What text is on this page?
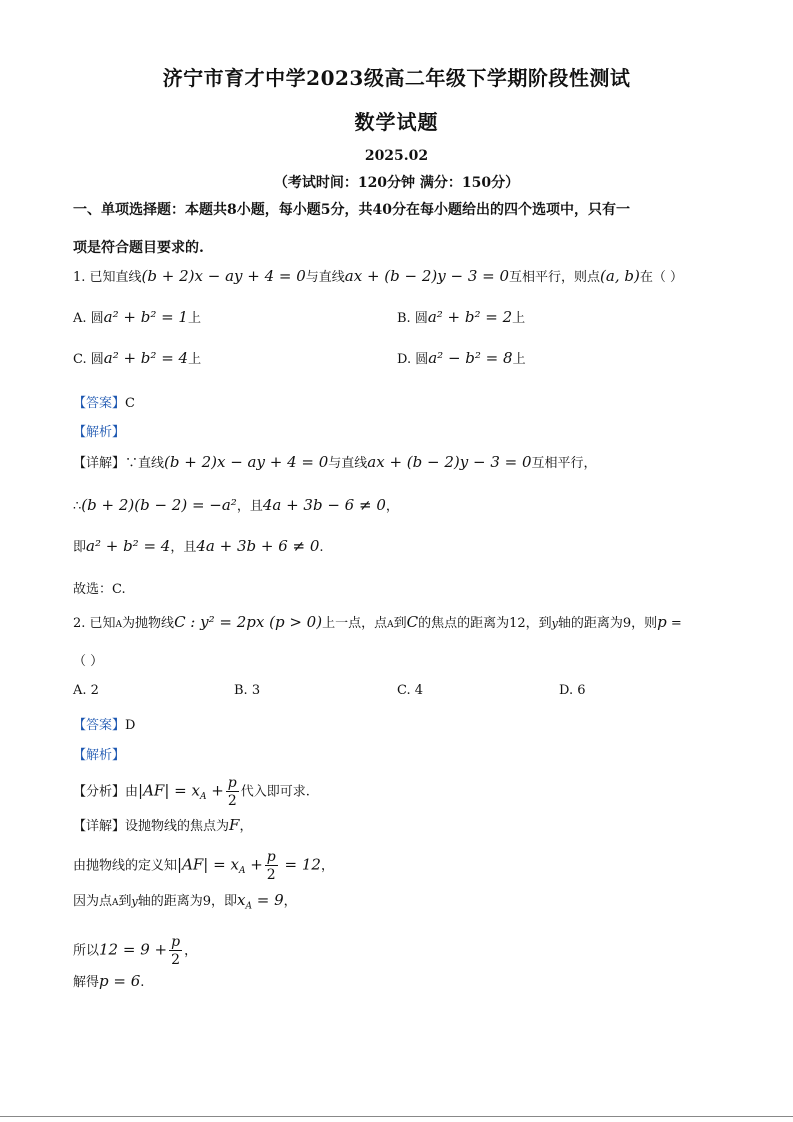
济宁市育才中学2023级高二年级下学期阶段性测试
数学试题
2025.02
（考试时间：120分钟 满分：150分）
一、单项选择题：本题共8小题，每小题5分，共40分在每小题给出的四个选项中，只有一
项是符合题目要求的.
1. 已知直线(b + 2)x − ay + 4 = 0与直线ax + (b − 2)y − 3 = 0互相平行，则点(a, b)在（ ）
A. 圆a² + b² = 1上	B. 圆a² + b² = 2上
C. 圆a² + b² = 4上	D. 圆a² − b² = 8上
【答案】C
【解析】
【详解】∵直线(b + 2)x − ay + 4 = 0与直线ax + (b − 2)y − 3 = 0互相平行，
∴(b + 2)(b − 2) = −a²，且4a + 3b − 6 ≠ 0，
即a² + b² = 4，且4a + 3b + 6 ≠ 0.
故选：C.
2. 已知A为抛物线C : y² = 2px (p > 0)上一点，点A到C的焦点的距离为12，到y轴的距离为9，则p =
（ ）
A. 2	B. 3	C. 4	D. 6
【答案】D
【解析】
【分析】由$|AF| = x_A + \frac{p}{2}$ 代入即可求.
【详解】设抛物线的焦点为F，
由抛物线的定义知$|AF| = x_A + \frac{p}{2} = 12$，
因为点A到y轴的距离为9，即$x_A = 9$，
所以$12 = 9 + \frac{p}{2}$ ，
解得p = 6.
